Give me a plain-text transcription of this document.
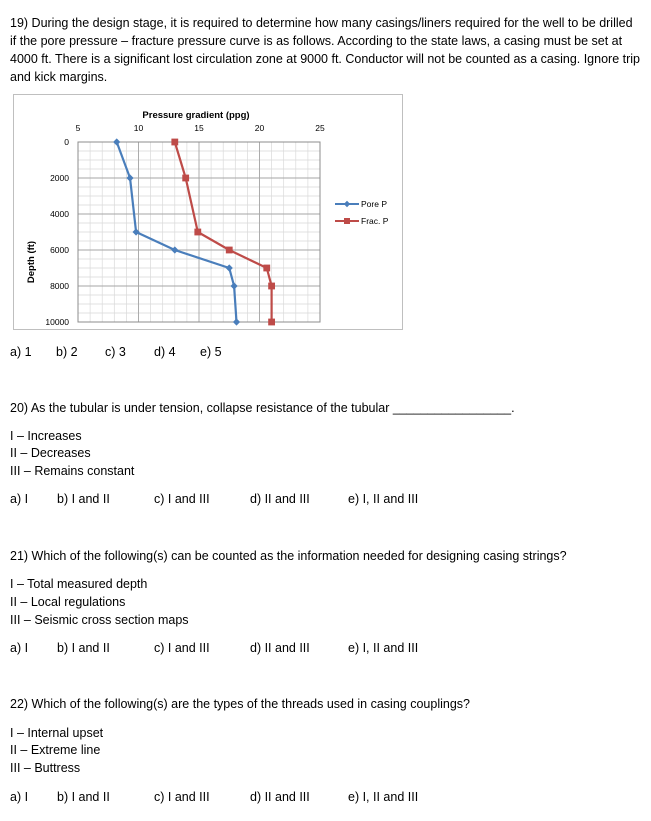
19) During the design stage, it is required to determine how many casings/liners required for the well to be drilled
if the pore pressure – fracture pressure curve is as follows. According to the state laws, a casing must be set at
4000 ft. There is a significant lost circulation zone at 9000 ft. Conductor will not be counted as a casing. Ignore trip
and kick margins.
5	10	15	20	25
0
2000
4000
6000
8000
10000
Pore P
Frac. P
Pressure gradient (ppg)
Depth (ft)
a) 1 b) 2 c) 3 d) 4 e) 5
20) As the tubular is under tension, collapse resistance of the tubular _________________.
I – Increases
II – Decreases
III – Remains constant
a) I b) I and II	c) I and III	d) II and III	e) I, II and III
21) Which of the following(s) can be counted as the information needed for designing casing strings?
I – Total measured depth
II – Local regulations
III – Seismic cross section maps
a) I b) I and II	c) I and III	d) II and III	e) I, II and III
22) Which of the following(s) are the types of the threads used in casing couplings?
I – Internal upset
II – Extreme line
III – Buttress
a) I b) I and II	c) I and III	d) II and III	e) I, II and III
